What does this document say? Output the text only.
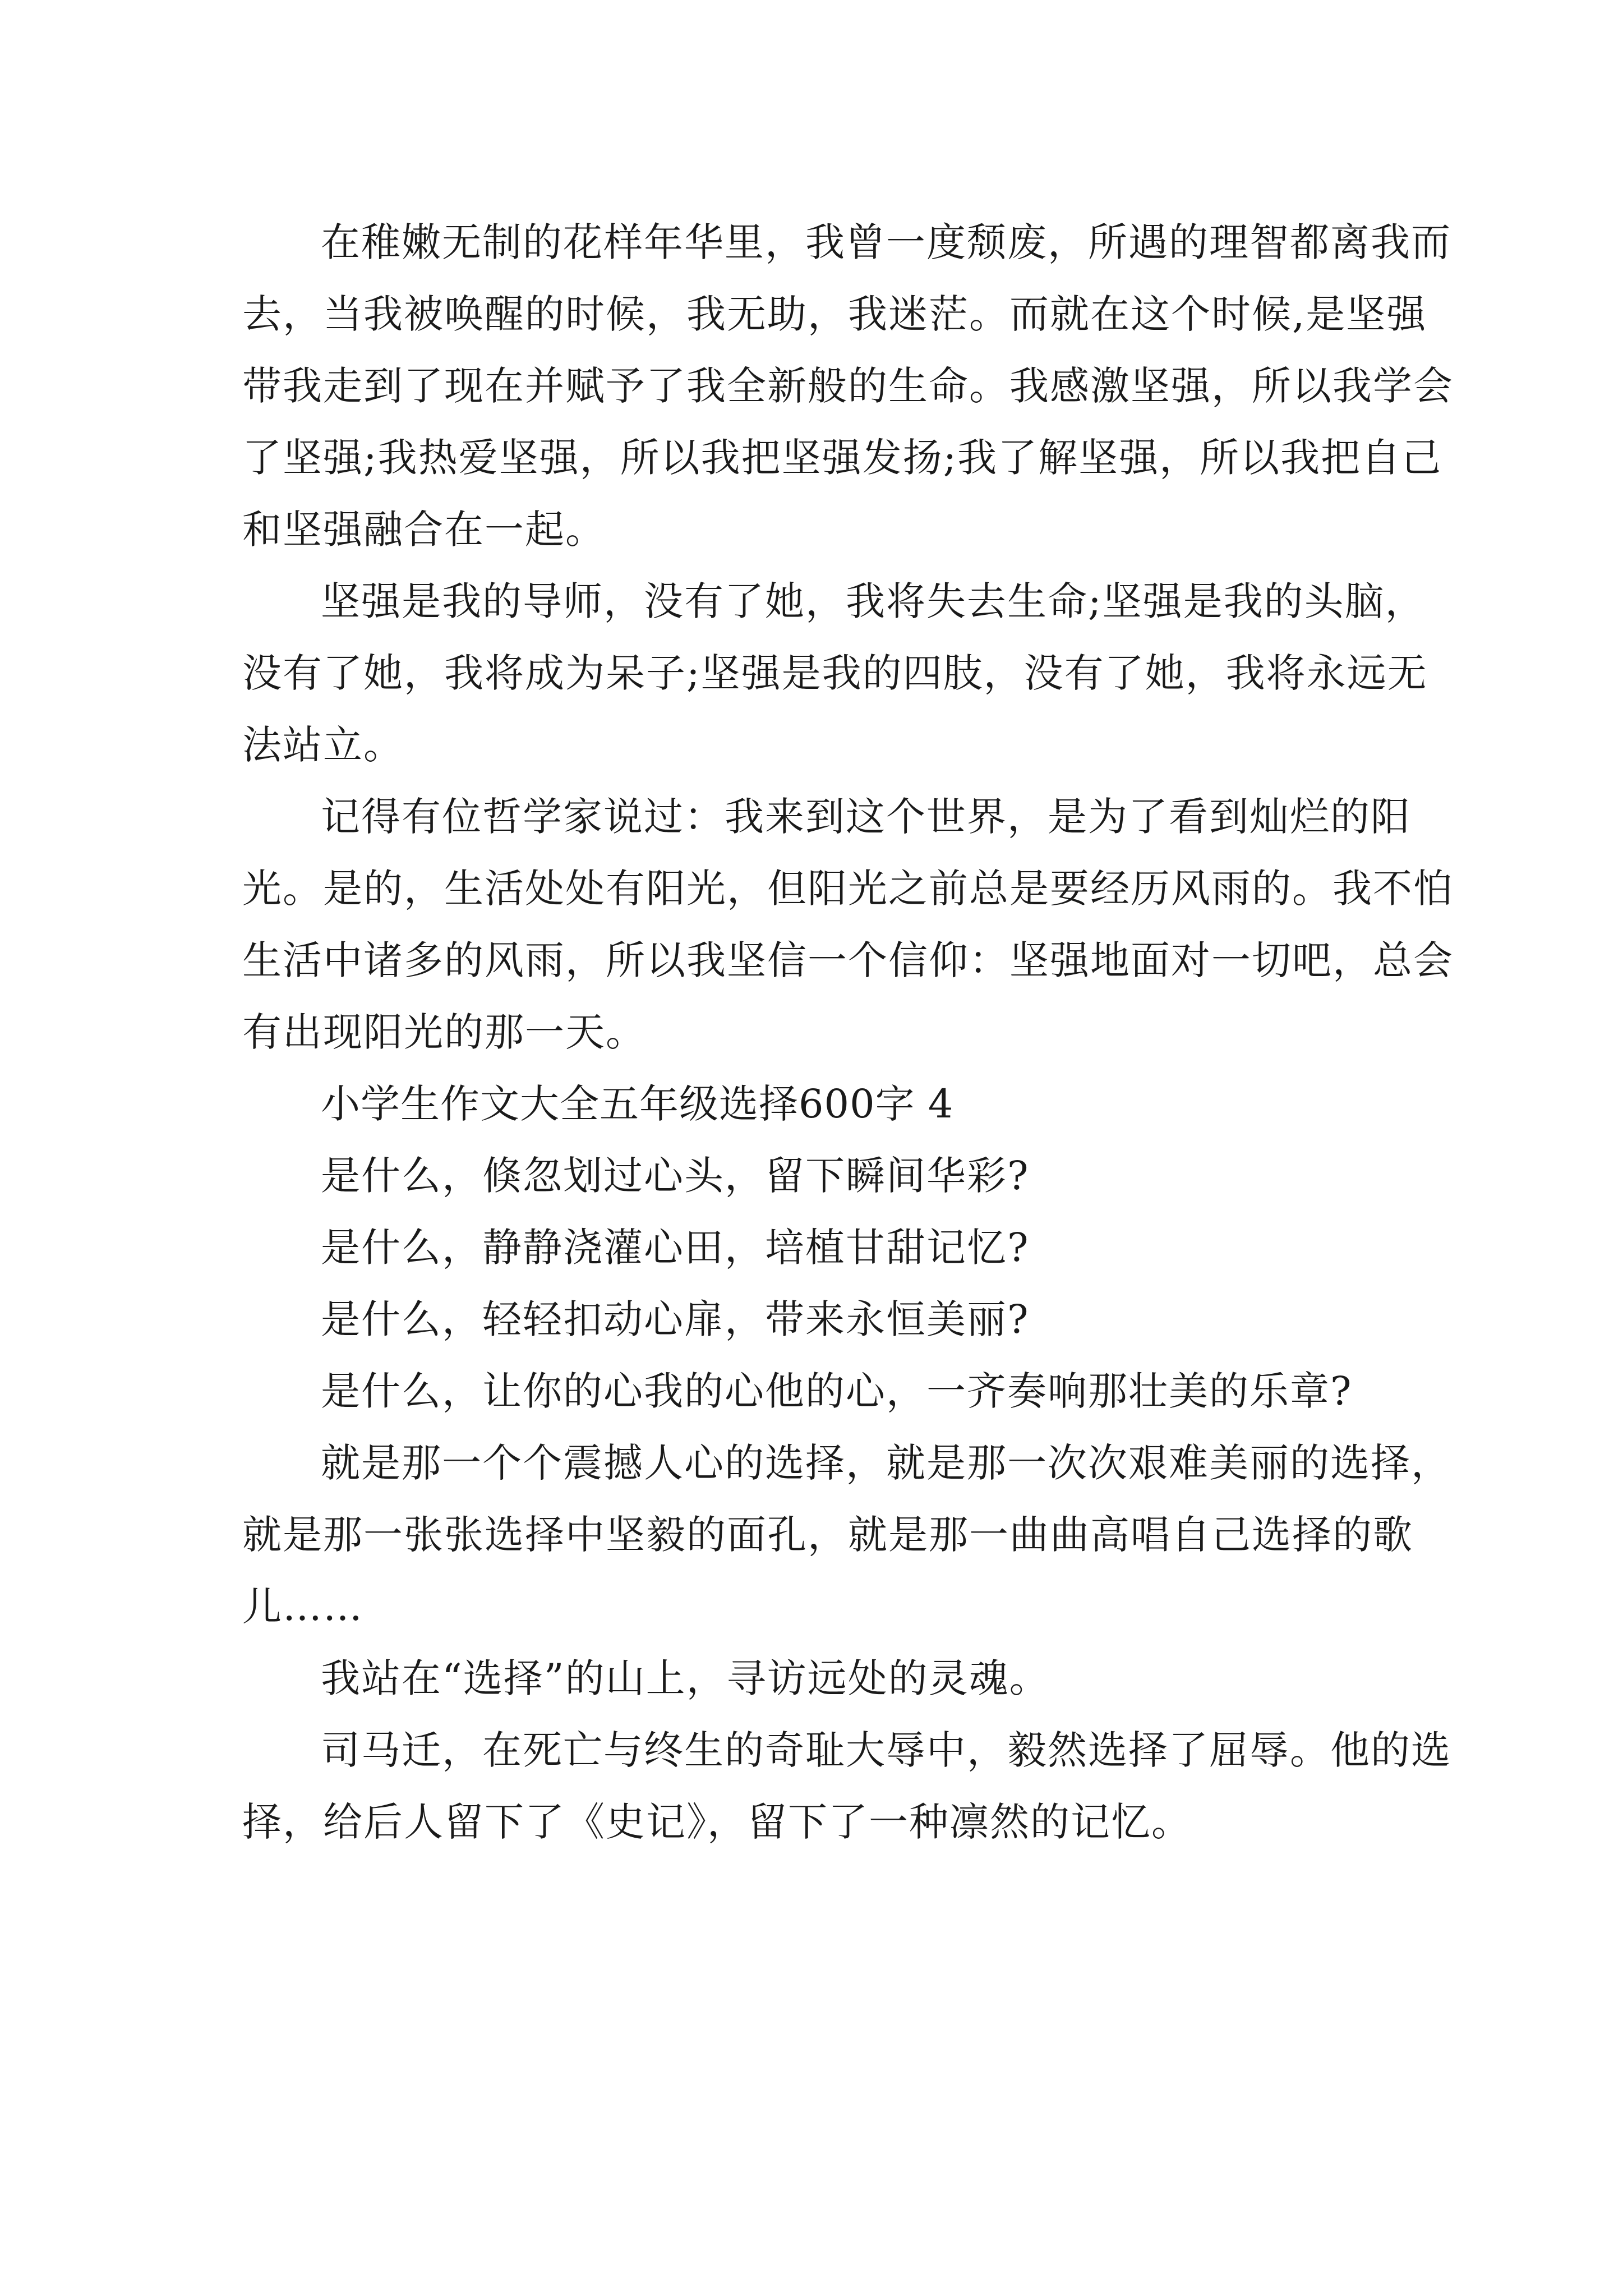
在稚嫩无制的花样年华里，我曾一度颓废，所遇的理智都离我而去，当我被唤醒的时候，我无助，我迷茫。而就在这个时候,是坚强带我走到了现在并赋予了我全新般的生命。我感激坚强，所以我学会了坚强;我热爱坚强，所以我把坚强发扬;我了解坚强，所以我把自己和坚强融合在一起。

坚强是我的导师，没有了她，我将失去生命;坚强是我的头脑，没有了她，我将成为呆子;坚强是我的四肢，没有了她，我将永远无法站立。

记得有位哲学家说过：我来到这个世界，是为了看到灿烂的阳光。是的，生活处处有阳光，但阳光之前总是要经历风雨的。我不怕生活中诸多的风雨，所以我坚信一个信仰：坚强地面对一切吧，总会有出现阳光的那一天。

小学生作文大全五年级选择600字 4

是什么，倏忽划过心头，留下瞬间华彩?

是什么，静静浇灌心田，培植甘甜记忆?

是什么，轻轻扣动心扉，带来永恒美丽?

是什么，让你的心我的心他的心，一齐奏响那壮美的乐章?

就是那一个个震撼人心的选择，就是那一次次艰难美丽的选择，就是那一张张选择中坚毅的面孔，就是那一曲曲高唱自己选择的歌儿……

我站在“选择”的山上，寻访远处的灵魂。

司马迁，在死亡与终生的奇耻大辱中，毅然选择了屈辱。他的选择，给后人留下了《史记》，留下了一种凛然的记忆。
